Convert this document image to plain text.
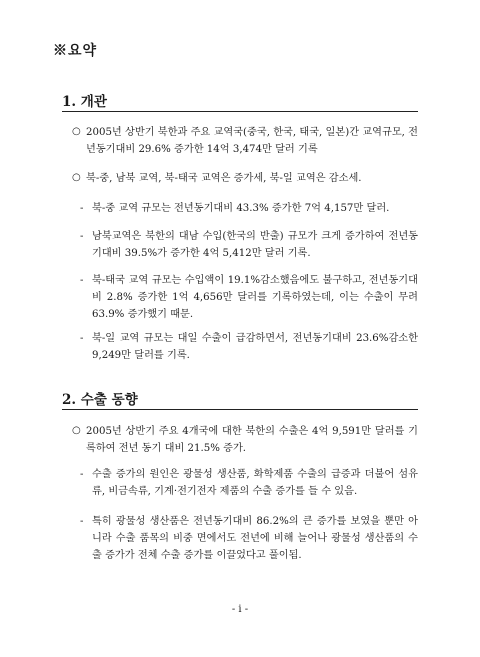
※요약
1. 개관
○ 2005년 상반기 북한과 주요 교역국(중국, 한국, 태국, 일본)간 교역규모, 전년동기대비 29.6% 증가한 14억 3,474만 달러 기록
○ 북-중, 남북 교역, 북-태국 교역은 증가세, 북-일 교역은 감소세.
- 북-중 교역 규모는 전년동기대비 43.3% 증가한 7억 4,157만 달러.
- 남북교역은 북한의 대남 수입(한국의 반출) 규모가 크게 증가하여 전년동기대비 39.5%가 증가한 4억 5,412만 달러 기록.
- 북-태국 교역 규모는 수입액이 19.1%감소했음에도 불구하고, 전년동기대비 2.8% 증가한 1억 4,656만 달러를 기록하였는데, 이는 수출이 무려 63.9% 증가했기 때문.
- 북-일 교역 규모는 대일 수출이 급감하면서, 전년동기대비 23.6%감소한 9,249만 달러를 기록.
2. 수출 동향
○ 2005년 상반기 주요 4개국에 대한 북한의 수출은 4억 9,591만 달러를 기록하여 전년 동기 대비 21.5% 증가.
- 수출 증가의 원인은 광물성 생산품, 화학제품 수출의 급증과 더불어 섬유류, 비금속류, 기계·전기전자 제품의 수출 증가를 들 수 있음.
- 특히 광물성 생산품은 전년동기대비 86.2%의 큰 증가를 보였을 뿐만 아니라 수출 품목의 비중 면에서도 전년에 비해 늘어나 광물성 생산품의 수출 증가가 전체 수출 증가를 이끌었다고 풀이됨.
- i -
